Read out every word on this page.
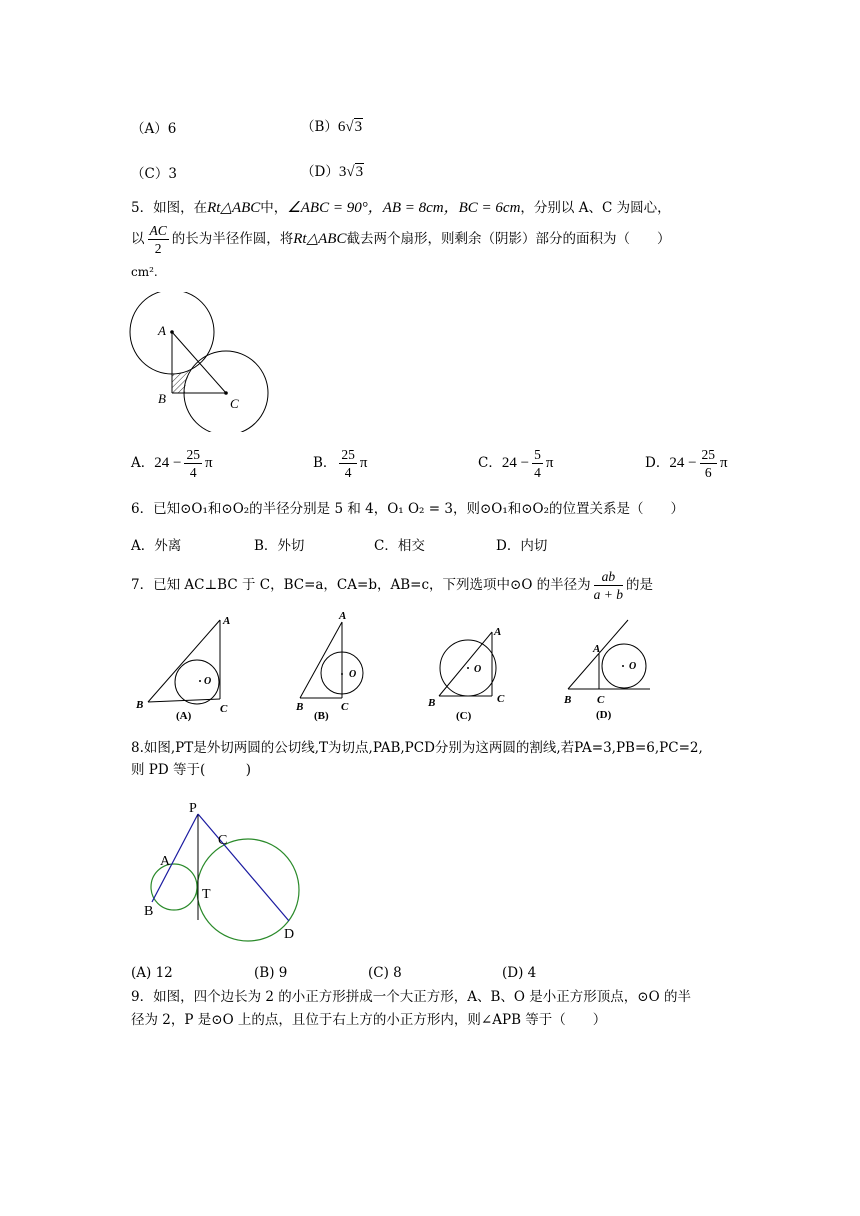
（A）6	（B）6√3
（C）3	（D）3√3
5．如图，在Rt△ABC中，∠ABC = 90°，AB = 8cm，BC = 6cm，分别以 A、C 为圆心，
以 $\frac{AC}{2}$ 的长为半径作圆，将Rt△ABC截去两个扇形，则剩余（阴影）部分的面积为（　　）
cm².
A
B	C
A．$24 - \frac{25}{4}$ π	B． $\frac{25}{4}$ π	C．$24 - \frac{5}{4}$ π	D．$24 - \frac{25}{6}$ π
6．已知⊙O₁和⊙O₂的半径分别是 5 和 4，O₁ O₂ = 3，则⊙O₁和⊙O₂的位置关系是（　　）
A．外离	B．外切	C．相交	D．内切
7．已知 AC⊥BC 于 C，BC=a，CA=b，AB=c，下列选项中⊙O 的半径为 $\frac{ab}{a + b}$ 的是
B
A
C
O
(A)
B
A
C
O
(B)
B
A
C
O
(C)
B
A
C
O
(D)
8.如图,PT是外切两圆的公切线,T为切点,PAB,PCD分别为这两圆的割线,若PA=3,PB=6,PC=2,
则 PD 等于(　　　)
P
A
B
C
T
D
(A) 12	(B) 9	(C) 8	(D) 4
9．如图，四个边长为 2 的小正方形拼成一个大正方形，A、B、O 是小正方形顶点，⊙O 的半
径为 2，P 是⊙O 上的点，且位于右上方的小正方形内，则∠APB 等于（　　）
